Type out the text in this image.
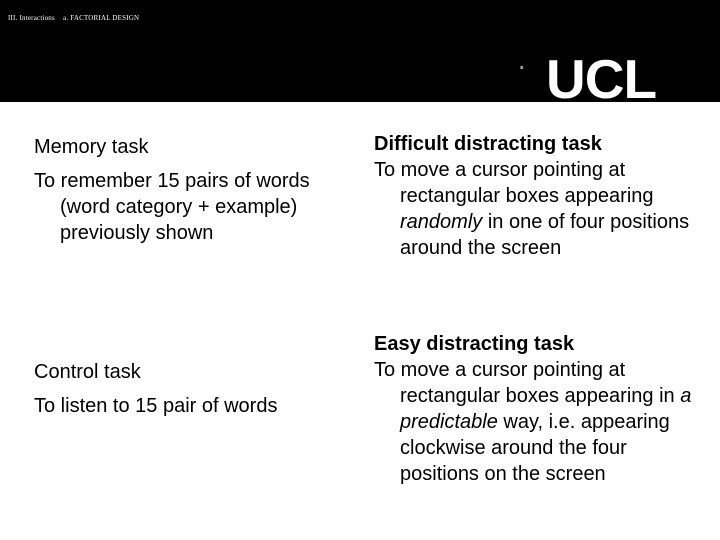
III. Interactions a. FACTORIAL DESIGN
UCL

Memory task

To remember 15 pairs of words (word category + example) previously shown

Control task

To listen to 15 pair of words

Difficult distracting task

To move a cursor pointing at rectangular boxes appearing randomly in one of four positions around the screen

Easy distracting task

To move a cursor pointing at rectangular boxes appearing in a predictable way, i.e. appearing clockwise around the four positions on the screen
